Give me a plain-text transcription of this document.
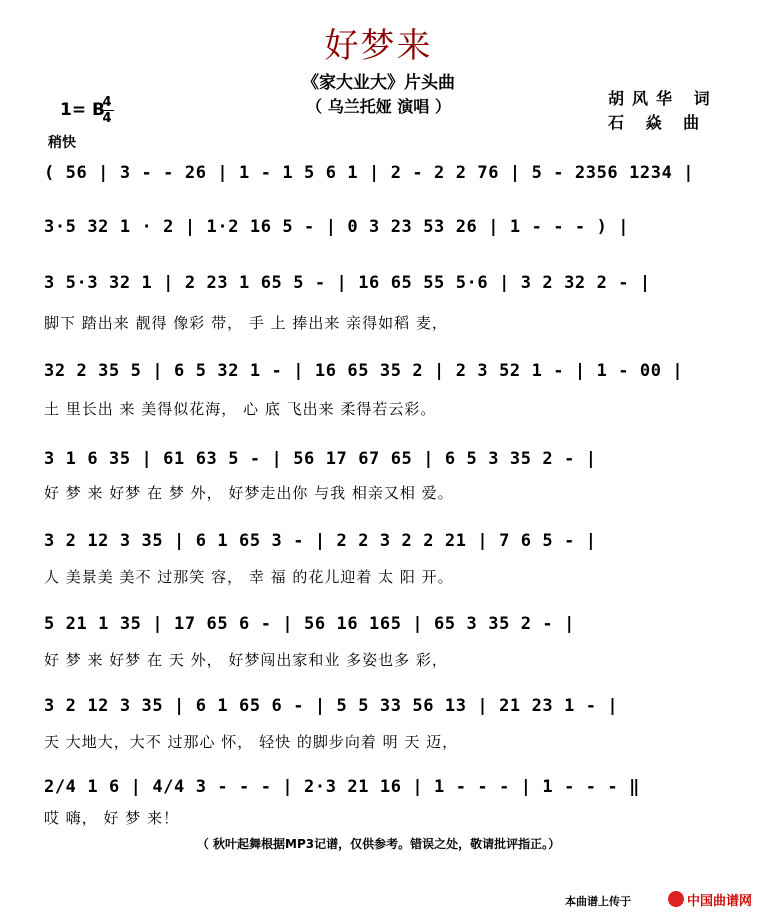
好梦来
《家大业大》片头曲
（ 乌兰托娅 演唱 ）	胡风华 词
石 焱 曲
1= B
4
4
稍快
( 56 | 3 - - 26 | 1 - 1 5 6 1 | 2 - 2 2 76 | 5 - 2356 1234 |
3·5 32 1 · 2 | 1·2 16 5 - | 0 3 23 53 26 | 1 - - - ) |
3 5·3 32 1 | 2 23 1 65 5 - | 16 65 55 5·6 | 3 2 32 2 - |
脚下 踏出来 靓得 像彩 带， 手 上 捧出来 亲得如稻 麦，
32 2 35 5 | 6 5 32 1 - | 16 65 35 2 | 2 3 52 1 - | 1 - 00 |
土 里长出 来 美得似花海， 心 底 飞出来 柔得若云彩。
3 1 6 35 | 61 63 5 - | 56 17 67 65 | 6 5 3 35 2 - |
好 梦 来 好梦 在 梦 外， 好梦走出你 与我 相亲又相 爱。
3 2 12 3 35 | 6 1 65 3 - | 2 2 3 2 2 21 | 7 6 5 - |
人 美景美 美不 过那笑 容， 幸 福 的花儿迎着 太 阳 开。
5 21 1 35 | 17 65 6 - | 56 16 165 | 65 3 35 2 - |
好 梦 来 好梦 在 天 外， 好梦闯出家和业 多姿也多 彩，
3 2 12 3 35 | 6 1 65 6 - | 5 5 33 56 13 | 21 23 1 - |
天 大地大，大不 过那心 怀， 轻快 的脚步向着 明 天 迈，
2/4 1 6 | 4/4 3 - - - | 2·3 21 16 | 1 - - - | 1 - - - ‖
哎 嗨， 好 梦 来！
（ 秋叶起舞根据MP3记谱，仅供参考。错误之处，敬请批评指正。）
本曲谱上传于	中国曲谱网
